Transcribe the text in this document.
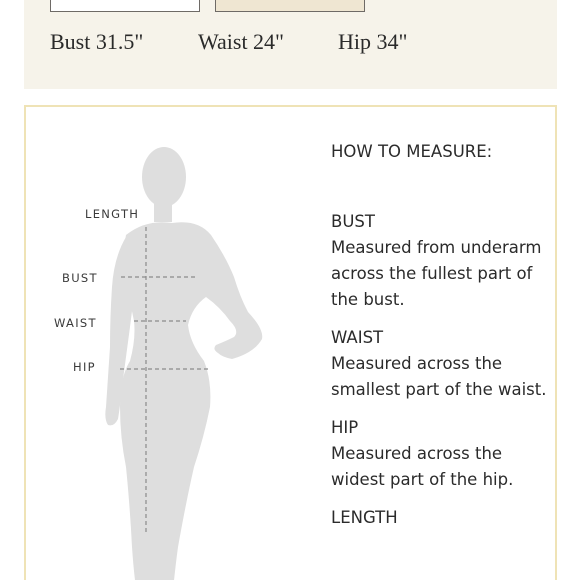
Bust 31.5" Waist 24" Hip 34"
LENGTH
BUST
WAIST
HIP
HOW TO MEASURE:
BUST
Measured from underarm across the fullest part of the bust.
WAIST
Measured across the smallest part of the waist.
HIP
Measured across the widest part of the hip.
LENGTH
